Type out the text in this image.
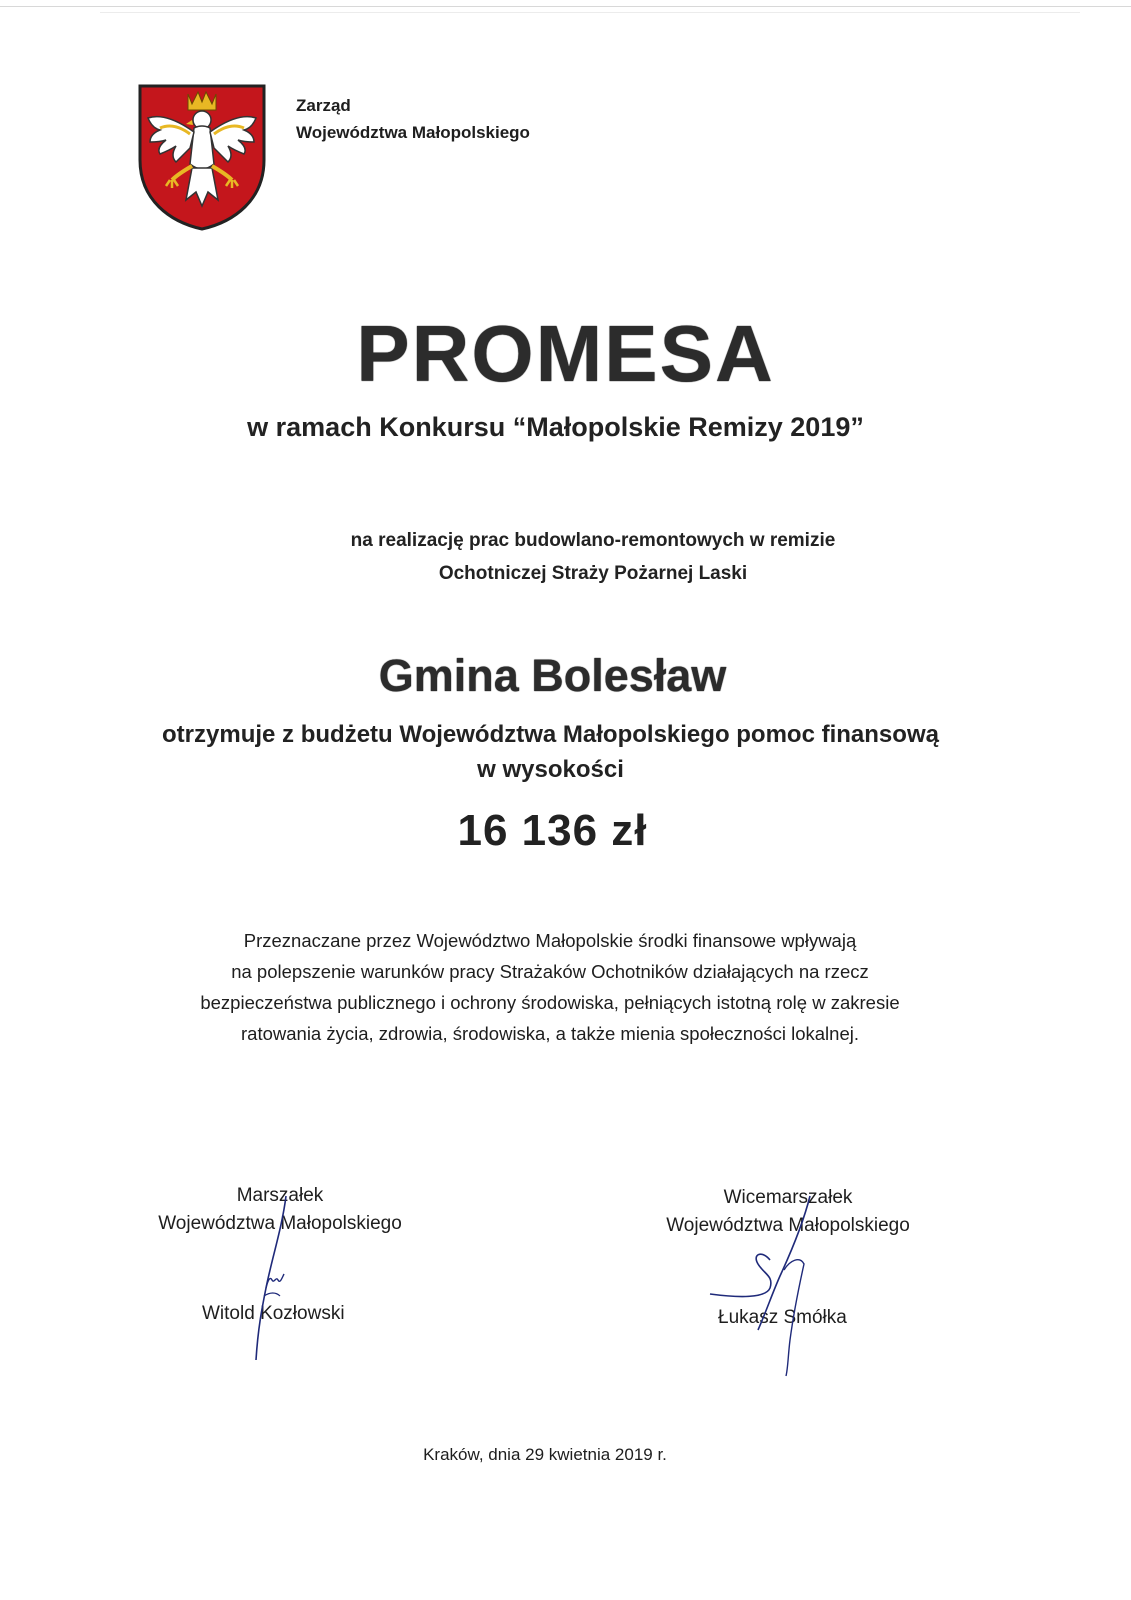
Zarząd
Województwa Małopolskiego
PROMESA
w ramach Konkursu “Małopolskie Remizy 2019”
na realizację prac budowlano-remontowych w remizie
Ochotniczej Straży Pożarnej Laski
Gmina Bolesław
otrzymuje z budżetu Województwa Małopolskiego pomoc finansową
w wysokości
16 136 zł
Przeznaczane przez Województwo Małopolskie środki finansowe wpływają
na polepszenie warunków pracy Strażaków Ochotników działających na rzecz
bezpieczeństwa publicznego i ochrony środowiska, pełniących istotną rolę w zakresie
ratowania życia, zdrowia, środowiska, a także mienia społeczności lokalnej.
Marszałek
Województwa Małopolskiego
Witold Kozłowski
Wicemarszałek
Województwa Małopolskiego
Łukasz Smółka
Kraków, dnia 29 kwietnia 2019 r.
